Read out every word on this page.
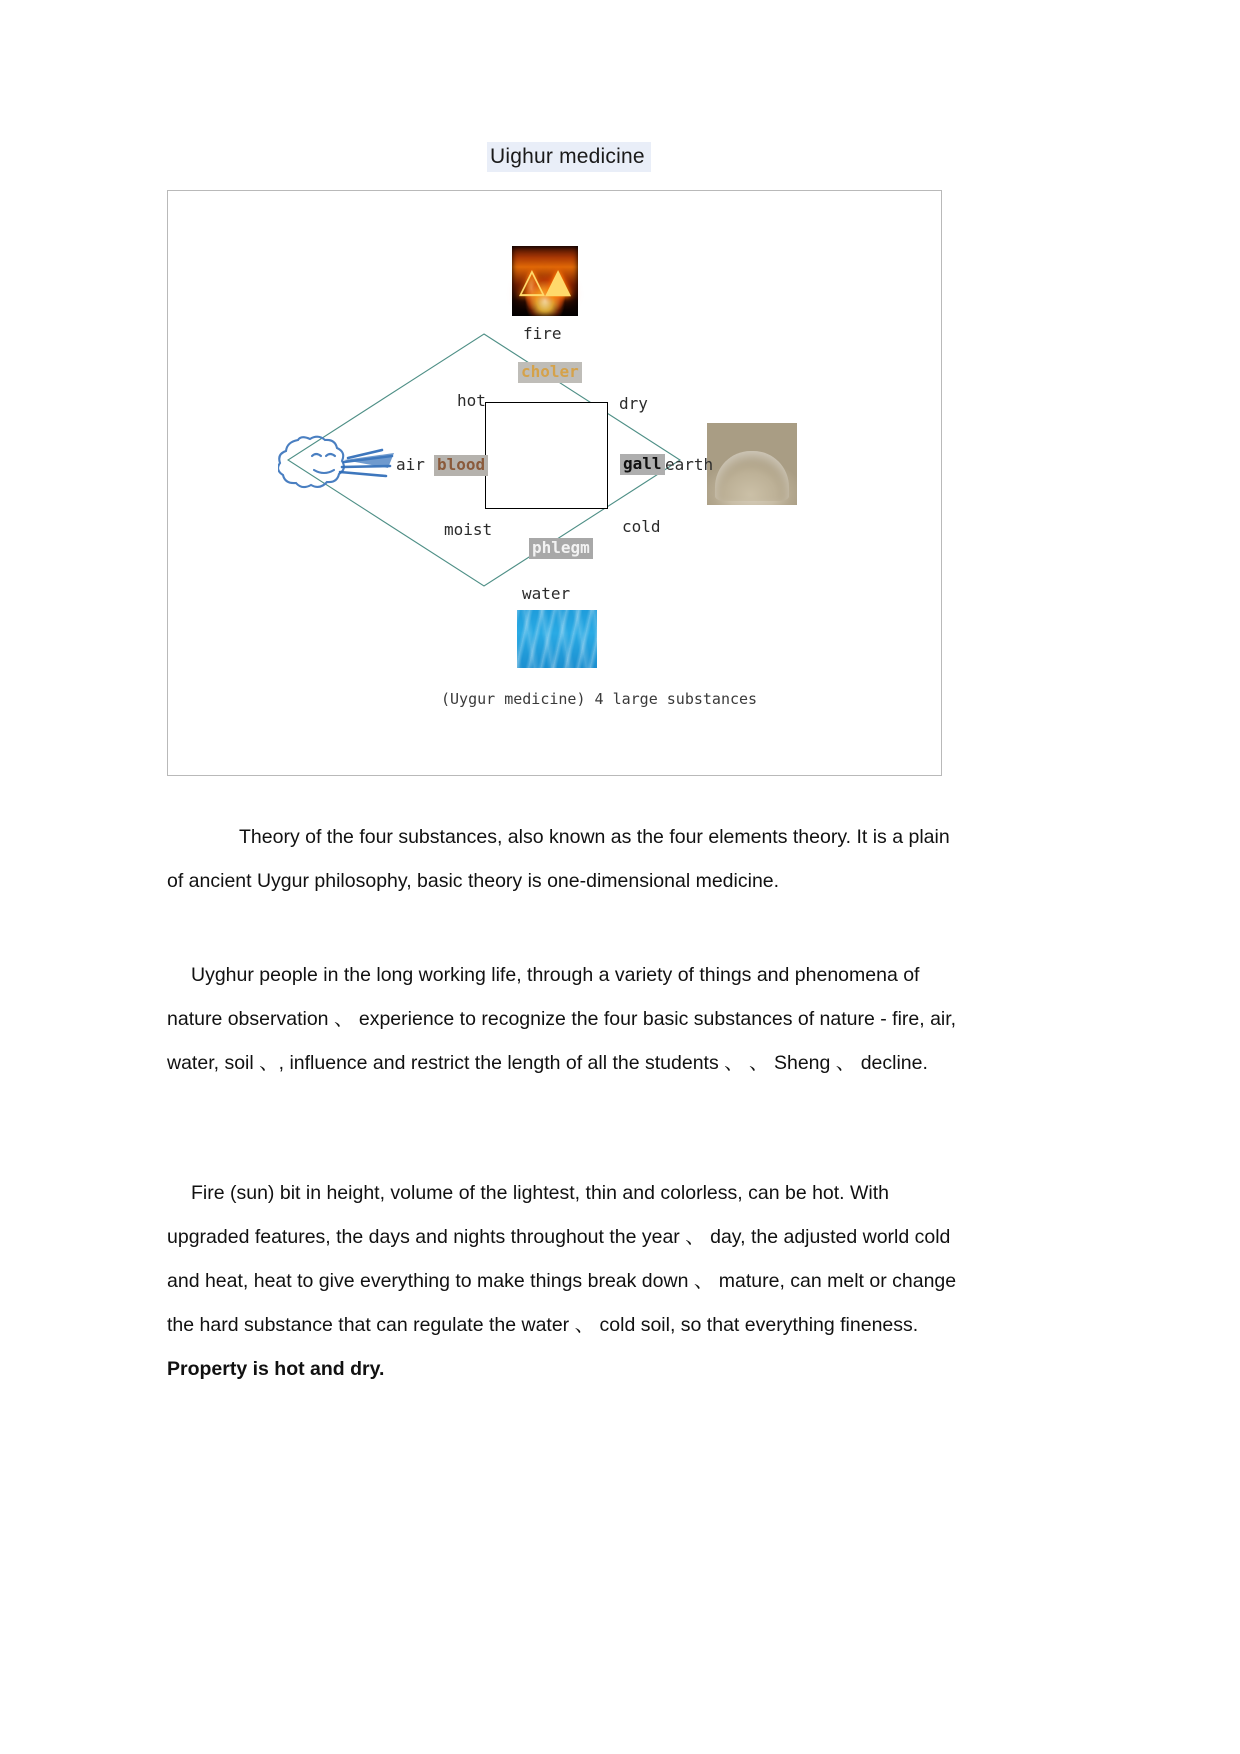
Uighur medicine
△▲
fire
water
air	earth
hot	dry
moist	cold
choler
blood	gall
phlegm
(Uygur medicine) 4 large substances

Theory of the four substances, also known as the four elements theory. It is a plain of ancient Uygur philosophy, basic theory is one-dimensional medicine.

Uyghur people in the long working life, through a variety of things and phenomena of nature observation 、 experience to recognize the four basic substances of nature - fire, air, water, soil 、, influence and restrict the length of all the students 、 、 Sheng 、 decline.

Fire (sun) bit in height, volume of the lightest, thin and colorless, can be hot. With upgraded features, the days and nights throughout the year 、 day, the adjusted world cold and heat, heat to give everything to make things break down 、 mature, can melt or change the hard substance that can regulate the water 、 cold soil, so that everything fineness. Property is hot and dry.
